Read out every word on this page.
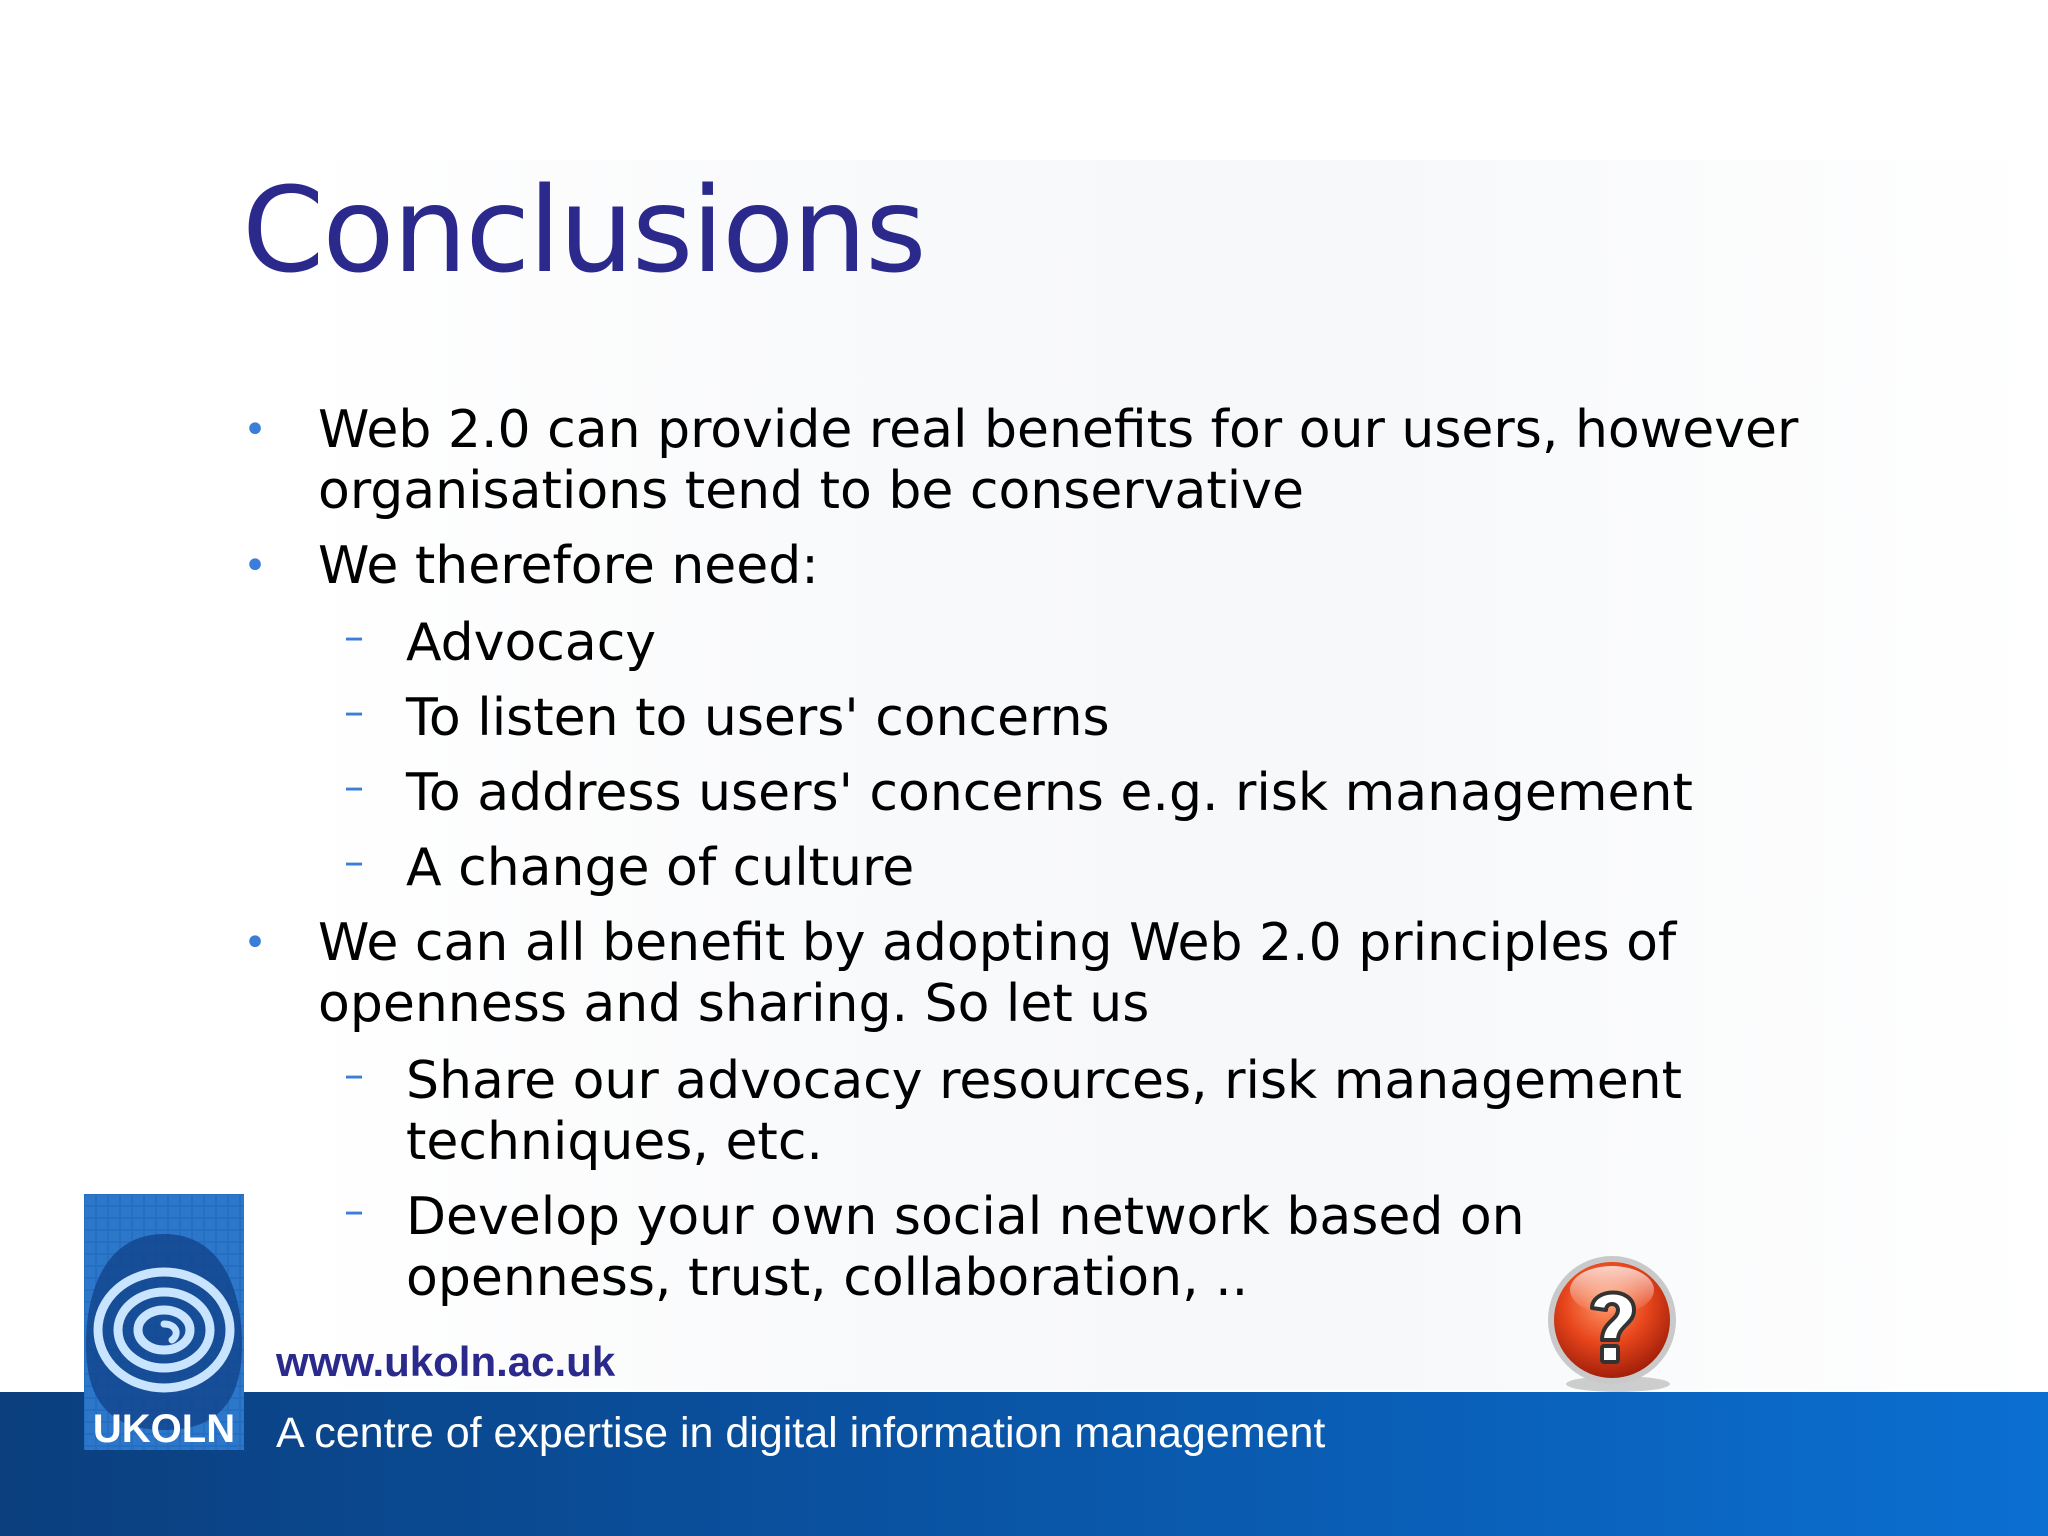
Conclusions
• Web 2.0 can provide real benefits for our users, however organisations tend to be conservative
• We therefore need:
– Advocacy
– To listen to users' concerns
– To address users' concerns e.g. risk management
– A change of culture
• We can all benefit by adopting Web 2.0 principles of openness and sharing. So let us
– Share our advocacy resources, risk management techniques, etc.
– Develop your own social network based on openness, trust, collaboration, ..
UKOLN
www.ukoln.ac.uk
A centre of expertise in digital information management
